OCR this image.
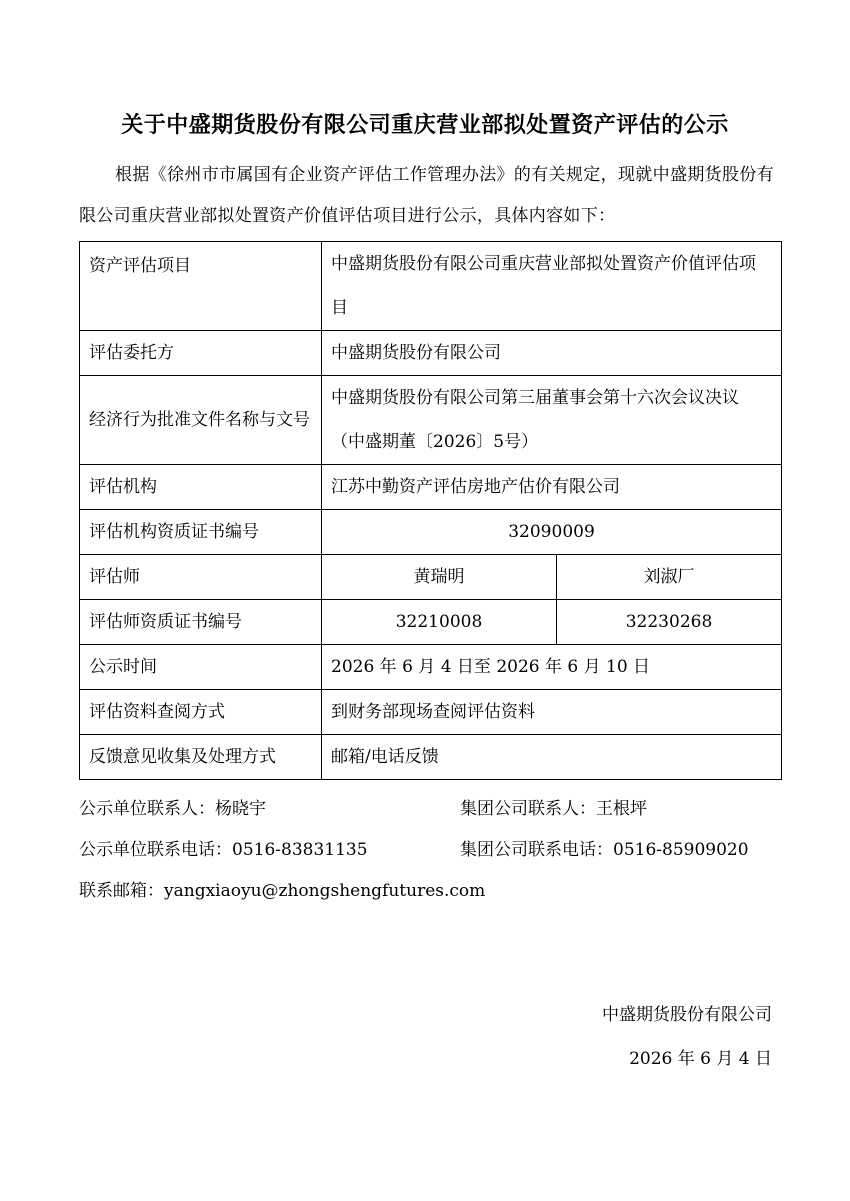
关于中盛期货股份有限公司重庆营业部拟处置资产评估的公示

根据《徐州市市属国有企业资产评估工作管理办法》的有关规定，现就中盛期货股份有限公司重庆营业部拟处置资产价值评估项目进行公示，具体内容如下：

资产评估项目	中盛期货股份有限公司重庆营业部拟处置资产价值评估项目	
评估委托方	中盛期货股份有限公司	
经济行为批准文件名称与文号	中盛期货股份有限公司第三届董事会第十六次会议决议（中盛期董〔2026〕5号）	
评估机构	江苏中勤资产评估房地产估价有限公司	
评估机构资质证书编号	32090009	
评估师	黄瑞明	刘淑厂
评估师资质证书编号	32210008	32230268
公示时间	2026 年 6 月 4 日至 2026 年 6 月 10 日	
评估资料查阅方式	到财务部现场查阅评估资料	
反馈意见收集及处理方式	邮箱/电话反馈	
公示单位联系人：杨晓宇	集团公司联系人：王根坪
公示单位联系电话：0516-83831135	集团公司联系电话：0516-85909020
联系邮箱：yangxiaoyu@zhongshengfutures.com
中盛期货股份有限公司
2026 年 6 月 4 日
